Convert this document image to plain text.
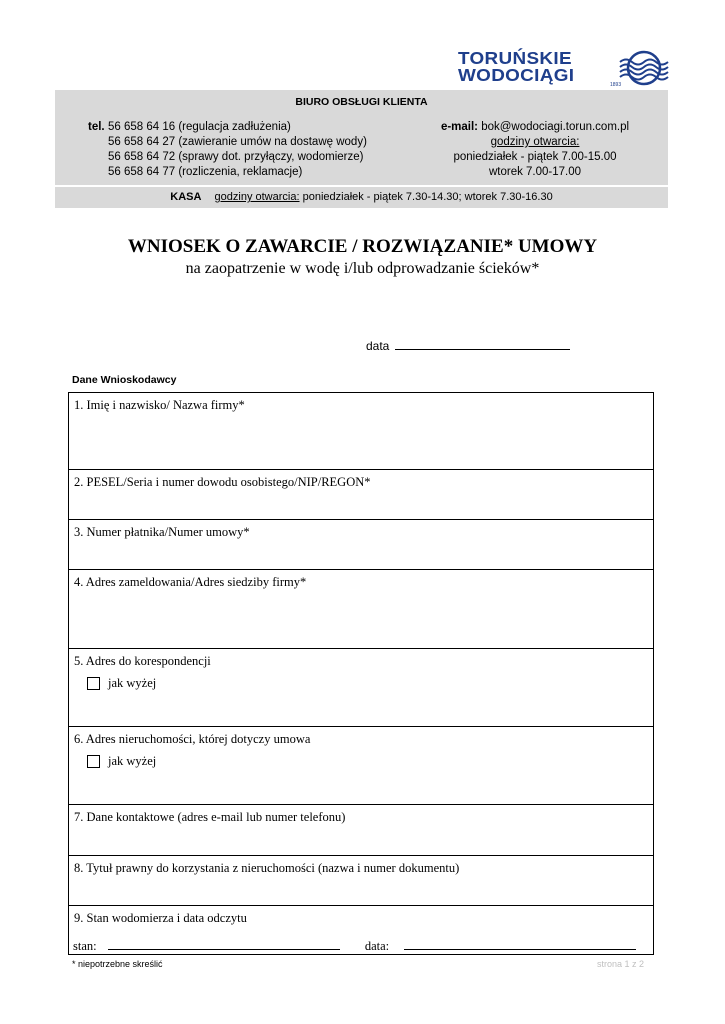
TORUŃSKIE
WODOCIĄGI	1893
BIURO OBSŁUGI KLIENTA
tel. 56 658 64 16 (regulacja zadłużenia)
56 658 64 27 (zawieranie umów na dostawę wody)
56 658 64 72 (sprawy dot. przyłączy, wodomierze)
56 658 64 77 (rozliczenia, reklamacje)
e-mail: bok@wodociagi.torun.com.pl
godziny otwarcia:
poniedziałek - piątek 7.00-15.00
wtorek 7.00-17.00
KASA godziny otwarcia: poniedziałek - piątek 7.30-14.30; wtorek 7.30-16.30
WNIOSEK O ZAWARCIE / ROZWIĄZANIE* UMOWY
na zaopatrzenie w wodę i/lub odprowadzanie ścieków*
data
Dane Wnioskodawcy
1. Imię i nazwisko/ Nazwa firmy*
2. PESEL/Seria i numer dowodu osobistego/NIP/REGON*
3. Numer płatnika/Numer umowy*
4. Adres zameldowania/Adres siedziby firmy*
5. Adres do korespondencji
jak wyżej
6. Adres nieruchomości, której dotyczy umowa
jak wyżej
7. Dane kontaktowe (adres e-mail lub numer telefonu)
8. Tytuł prawny do korzystania z nieruchomości (nazwa i numer dokumentu)
9. Stan wodomierza i data odczytu
stan:	data:
* niepotrzebne skreślić	strona 1 z 2
